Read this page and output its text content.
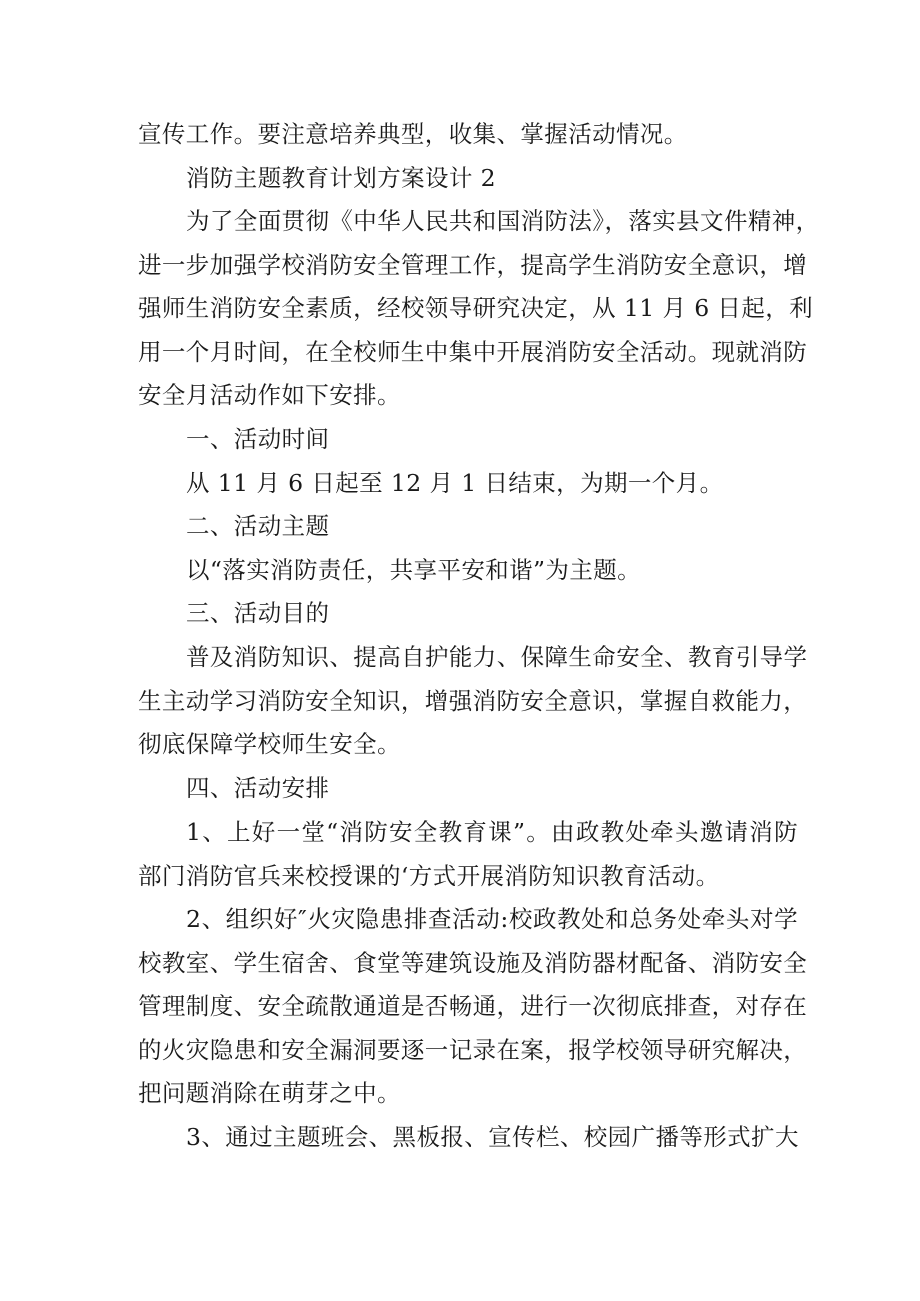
宣传工作。要注意培养典型，收集、掌握活动情况。

消防主题教育计划方案设计 2

为了全面贯彻《中华人民共和国消防法》，落实县文件精神，
进一步加强学校消防安全管理工作，提高学生消防安全意识，增
强师生消防安全素质，经校领导研究决定，从 11 月 6 日起，利
用一个月时间，在全校师生中集中开展消防安全活动。现就消防
安全月活动作如下安排。

一、活动时间

从 11 月 6 日起至 12 月 1 日结束，为期一个月。

二、活动主题

以“落实消防责任，共享平安和谐”为主题。

三、活动目的

普及消防知识、提高自护能力、保障生命安全、教育引导学
生主动学习消防安全知识，增强消防安全意识，掌握自救能力，
彻底保障学校师生安全。

四、活动安排

1、上好一堂“消防安全教育课”。由政教处牵头邀请消防
部门消防官兵来校授课的‘方式开展消防知识教育活动。

2、组织好″火灾隐患排查活动:校政教处和总务处牵头对学
校教室、学生宿舍、食堂等建筑设施及消防器材配备、消防安全
管理制度、安全疏散通道是否畅通，进行一次彻底排查，对存在
的火灾隐患和安全漏洞要逐一记录在案，报学校领导研究解决，
把问题消除在萌芽之中。

3、通过主题班会、黑板报、宣传栏、校园广播等形式扩大
